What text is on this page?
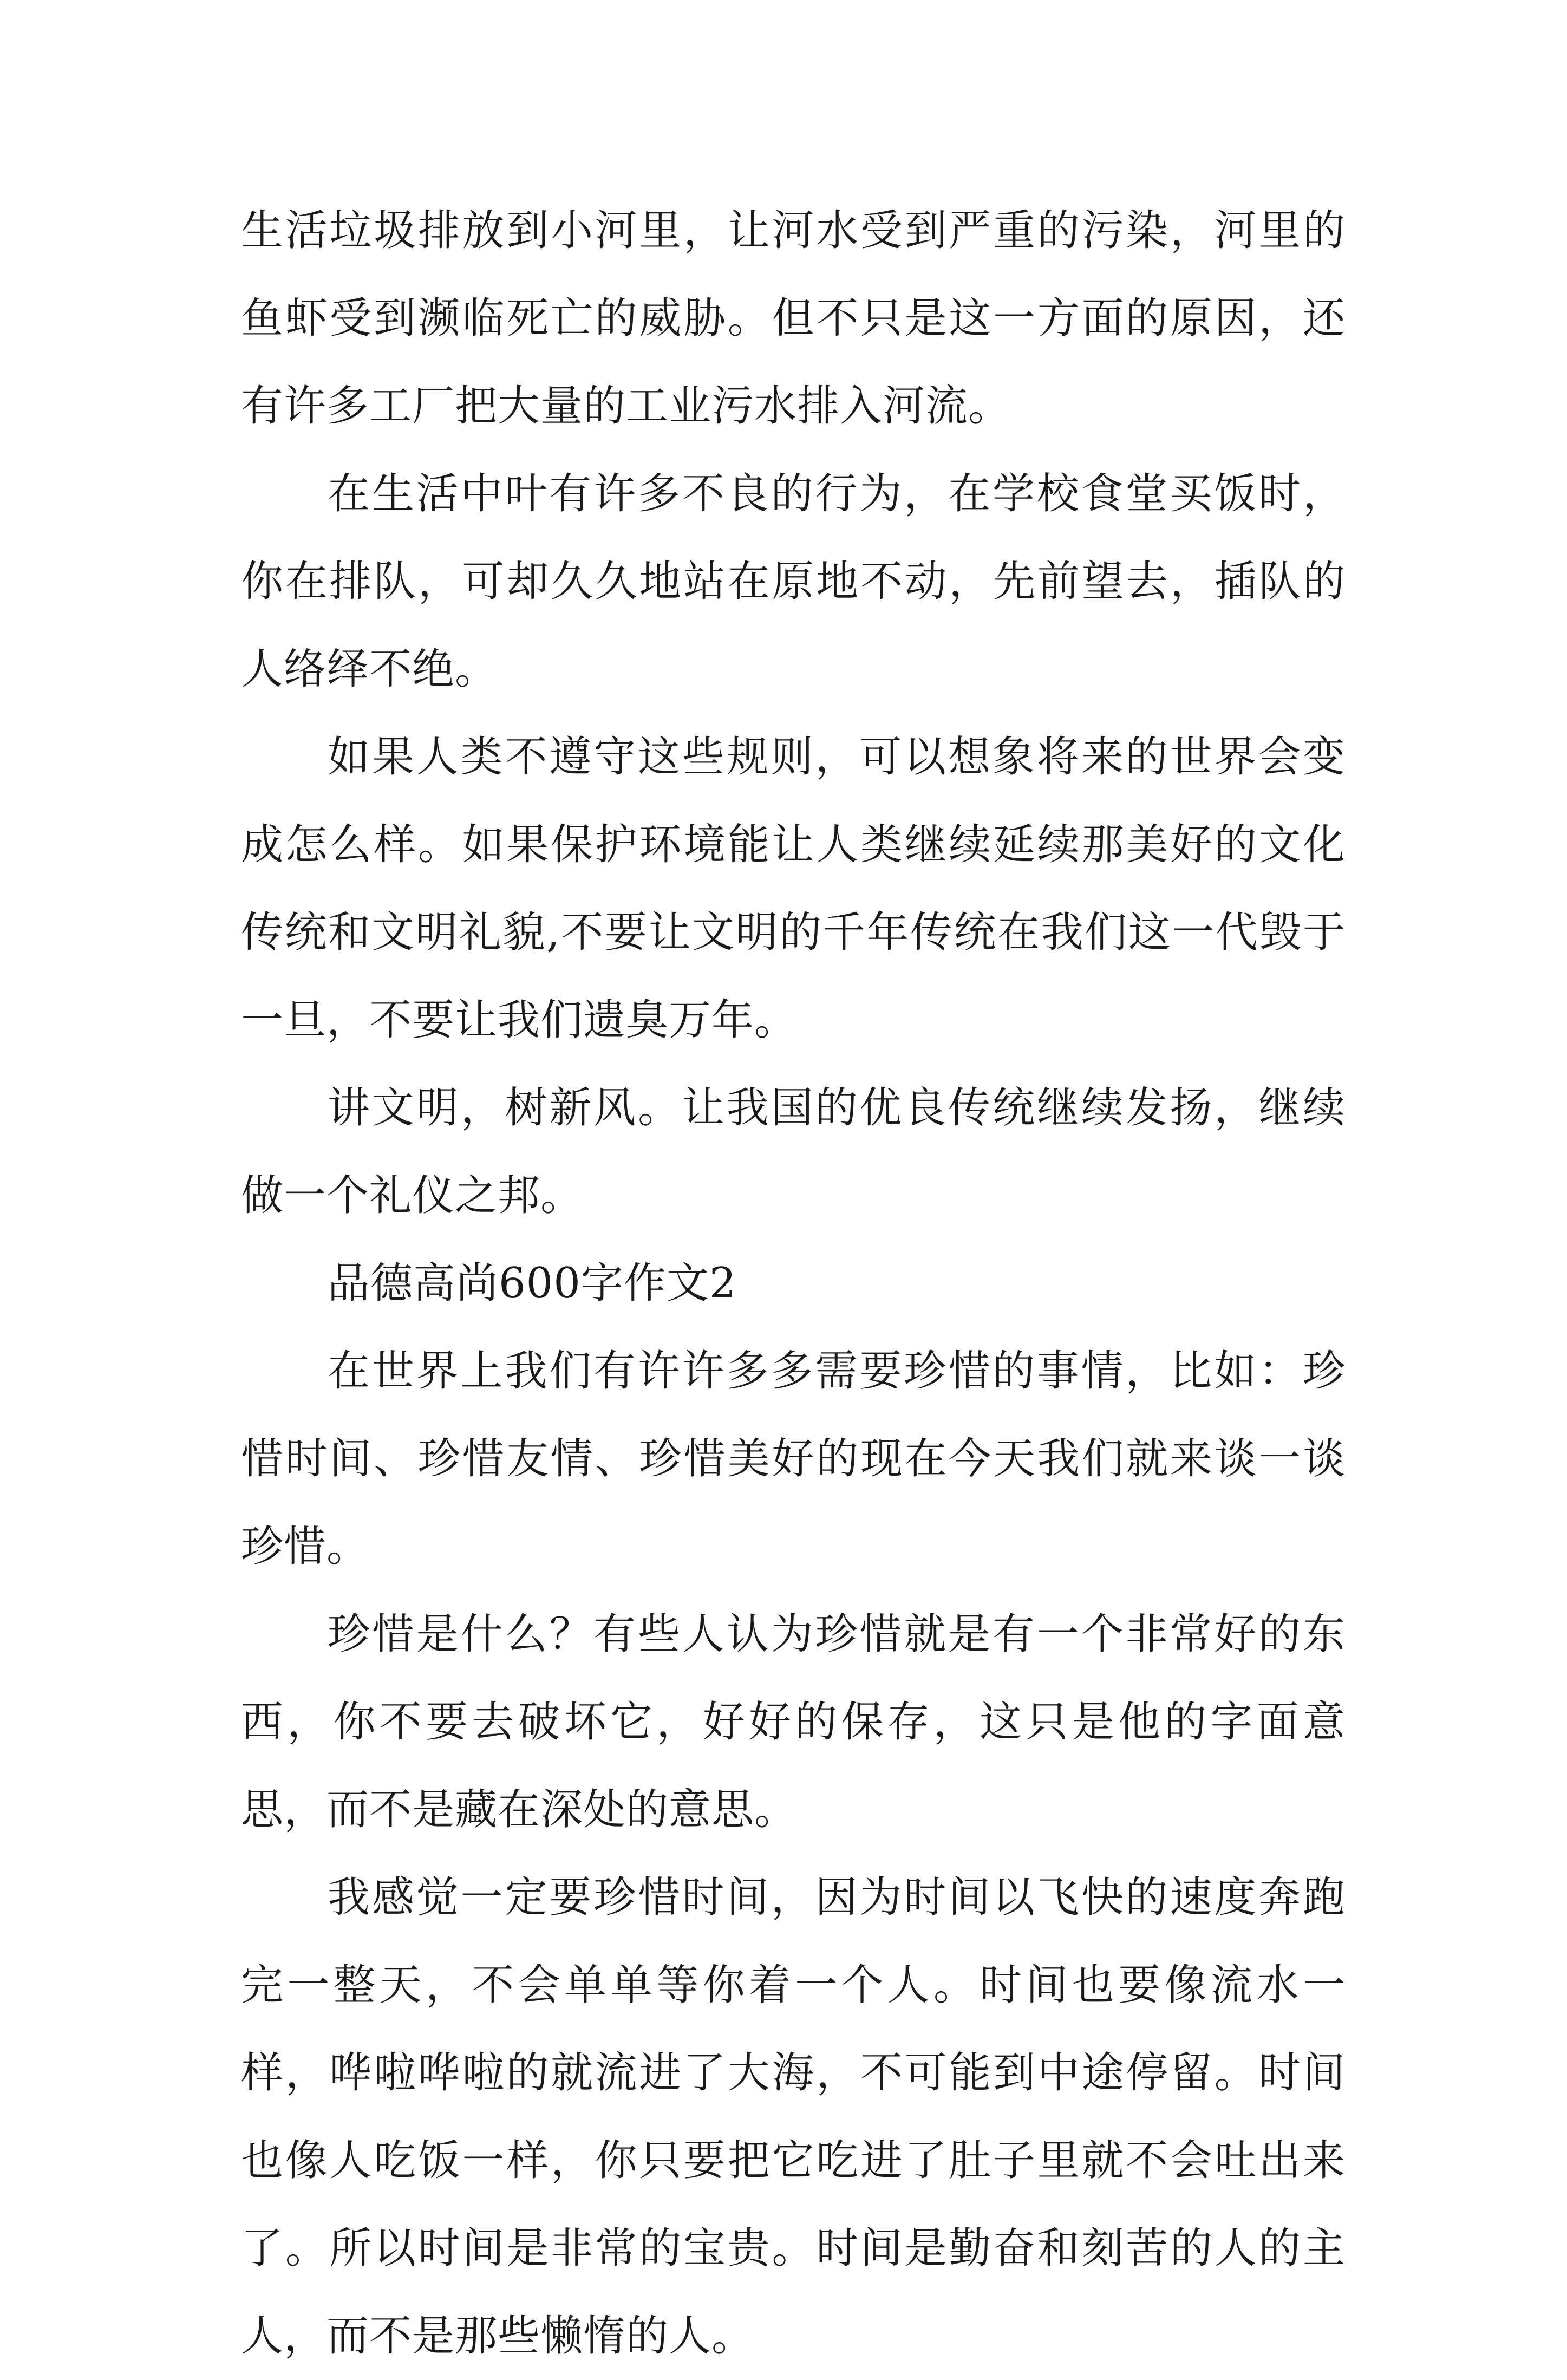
生活垃圾排放到小河里，让河水受到严重的污染，河里的鱼虾受到濒临死亡的威胁。但不只是这一方面的原因，还有许多工厂把大量的工业污水排入河流。

在生活中叶有许多不良的行为，在学校食堂买饭时，你在排队，可却久久地站在原地不动，先前望去，插队的人络绎不绝。

如果人类不遵守这些规则，可以想象将来的世界会变成怎么样。如果保护环境能让人类继续延续那美好的文化传统和文明礼貌,不要让文明的千年传统在我们这一代毁于一旦，不要让我们遗臭万年。

讲文明，树新风。让我国的优良传统继续发扬，继续做一个礼仪之邦。

品德高尚600字作文2

在世界上我们有许许多多需要珍惜的事情，比如：珍惜时间、珍惜友情、珍惜美好的现在今天我们就来谈一谈珍惜。

珍惜是什么？有些人认为珍惜就是有一个非常好的东西，你不要去破坏它，好好的保存，这只是他的字面意思，而不是藏在深处的意思。

我感觉一定要珍惜时间，因为时间以飞快的速度奔跑完一整天，不会单单等你着一个人。时间也要像流水一样，哗啦哗啦的就流进了大海，不可能到中途停留。时间也像人吃饭一样，你只要把它吃进了肚子里就不会吐出来了。所以时间是非常的宝贵。时间是勤奋和刻苦的人的主人，而不是那些懒惰的人。
